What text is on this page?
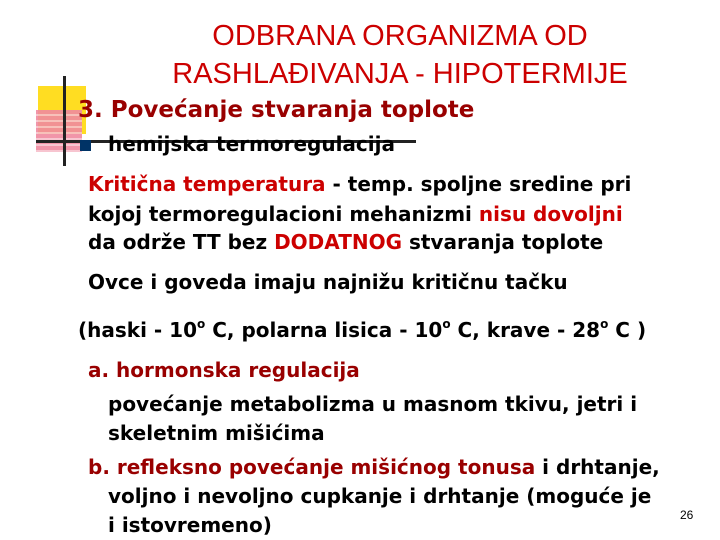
ODBRANA ORGANIZMA OD
RASHLAĐIVANJA - HIPOTERMIJE
3. Povećanje stvaranja toplote
hemijska termoregulacija
Kritična temperatura - temp. spoljne sredine pri
kojoj termoregulacioni mehanizmi nisu dovoljni
da održe TT bez DODATNOG stvaranja toplote
Ovce i goveda imaju najnižu kritičnu tačku
(haski - 10$^o$ C, polarna lisica - 10$^o$ C, krave - 28$^o$ C )
a. hormonska regulacija
povećanje metabolizma u masnom tkivu, jetri i
skeletnim mišićima
b. refleksno povećanje mišićnog tonusa i drhtanje,
voljno i nevoljno cupkanje i drhtanje (moguće je
i istovremeno)	26
